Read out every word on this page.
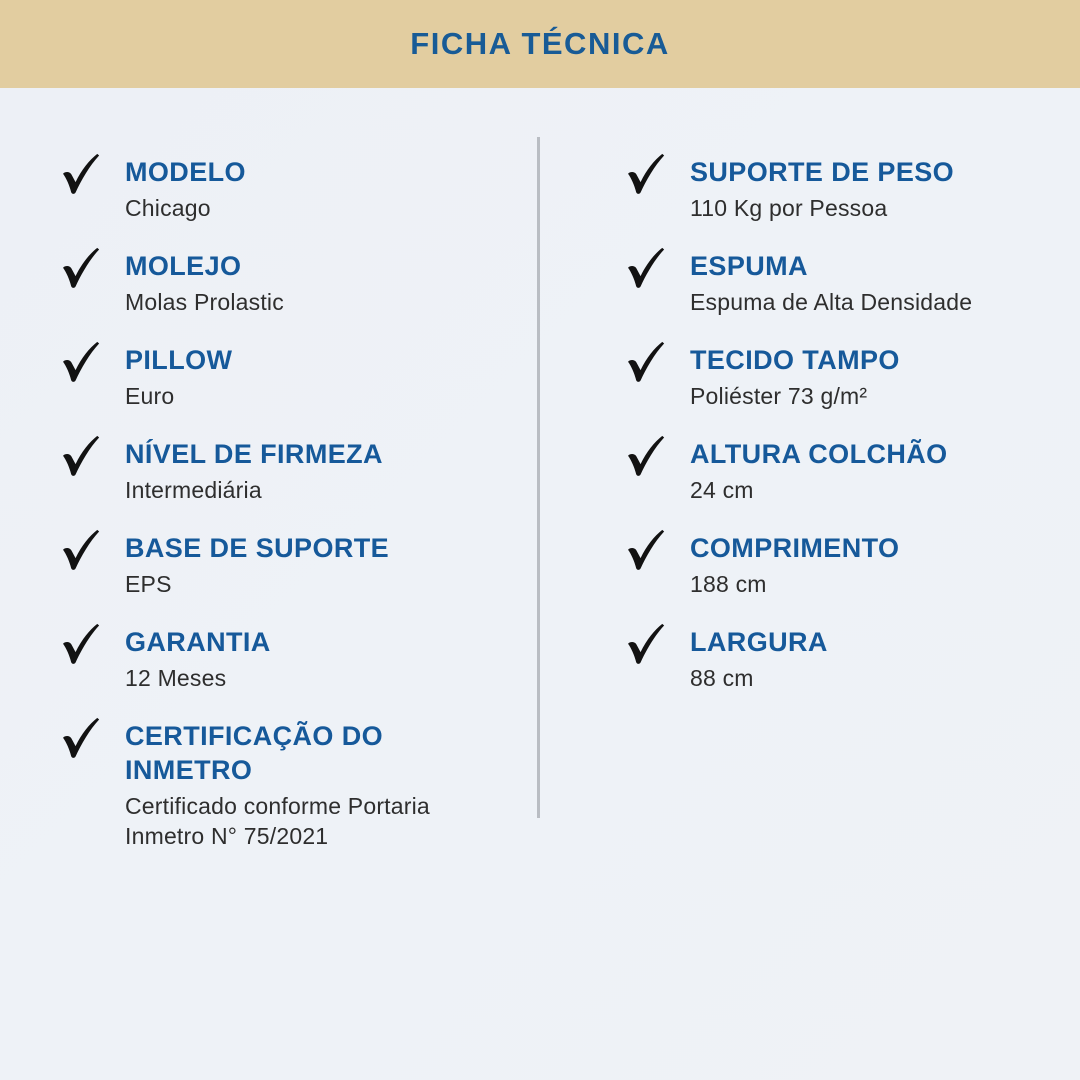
FICHA TÉCNICA
MODELO
Chicago
MOLEJO
Molas Prolastic
PILLOW
Euro
NÍVEL DE FIRMEZA
Intermediária
BASE DE SUPORTE
EPS
GARANTIA
12 Meses
CERTIFICAÇÃO DO INMETRO
Certificado conforme Portaria Inmetro N° 75/2021
SUPORTE DE PESO
110 Kg por Pessoa
ESPUMA
Espuma de Alta Densidade
TECIDO TAMPO
Poliéster 73 g/m²
ALTURA COLCHÃO
24 cm
COMPRIMENTO
188 cm
LARGURA
88 cm
